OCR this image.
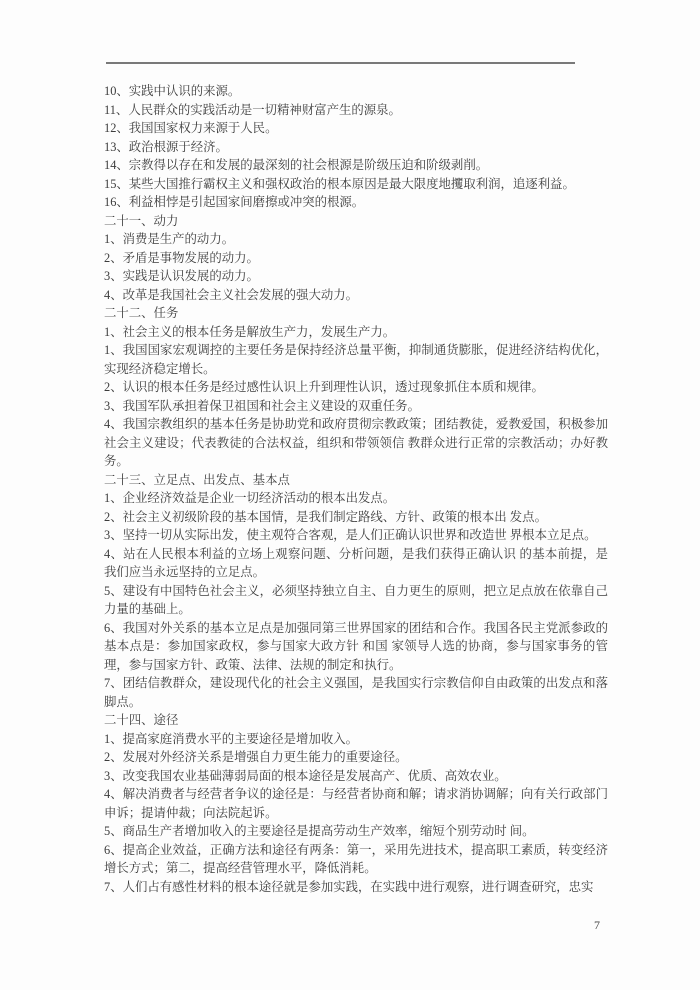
10、实践中认识的来源。

11、人民群众的实践活动是一切精神财富产生的源泉。

12、我国国家权力来源于人民。

13、政治根源于经济。

14、宗教得以存在和发展的最深刻的社会根源是阶级压迫和阶级剥削。

15、某些大国推行霸权主义和强权政治的根本原因是最大限度地攫取利润，追逐利益。

16、利益相悖是引起国家间磨擦或冲突的根源。

二十一、动力

1、消费是生产的动力。

2、矛盾是事物发展的动力。

3、实践是认识发展的动力。

4、改革是我国社会主义社会发展的强大动力。

二十二、任务

1、社会主义的根本任务是解放生产力，发展生产力。

1、我国国家宏观调控的主要任务是保持经济总量平衡，抑制通货膨胀，促进经济结构优化，实现经济稳定增长。

2、认识的根本任务是经过感性认识上升到理性认识，透过现象抓住本质和规律。

3、我国军队承担着保卫祖国和社会主义建设的双重任务。

4、我国宗教组织的基本任务是协助党和政府贯彻宗教政策；团结教徒，爱教爱国，积极参加社会主义建设；代表教徒的合法权益，组织和带领领信 教群众进行正常的宗教活动；办好教务。

二十三、立足点、出发点、基本点

1、企业经济效益是企业一切经济活动的根本出发点。

2、社会主义初级阶段的基本国情，是我们制定路线、方针、政策的根本出 发点。

3、坚持一切从实际出发，使主观符合客观，是人们正确认识世界和改造世 界根本立足点。

4、站在人民根本利益的立场上观察问题、分析问题，是我们获得正确认识 的基本前提，是我们应当永远坚持的立足点。

5、建设有中国特色社会主义，必须坚持独立自主、自力更生的原则，把立足点放在依靠自己力量的基础上。

6、我国对外关系的基本立足点是加强同第三世界国家的团结和合作。我国各民主党派参政的基本点是：参加国家政权，参与国家大政方针 和国 家领导人选的协商，参与国家事务的管理，参与国家方针、政策、法律、法规的制定和执行。

7、团结信教群众，建设现代化的社会主义强国，是我国实行宗教信仰自由政策的出发点和落脚点。

二十四、途径

1、提高家庭消费水平的主要途径是增加收入。

2、发展对外经济关系是增强自力更生能力的重要途径。

3、改变我国农业基础薄弱局面的根本途径是发展高产、优质、高效农业。

4、解决消费者与经营者争议的途径是：与经营者协商和解；请求消协调解；向有关行政部门申诉；提请仲裁；向法院起诉。

5、商品生产者增加收入的主要途径是提高劳动生产效率，缩短个别劳动时 间。

6、提高企业效益，正确方法和途径有两条：第一，采用先进技术，提高职工素质，转变经济增长方式；第二，提高经营管理水平，降低消耗。

7、人们占有感性材料的根本途径就是参加实践，在实践中进行观察，进行调查研究，忠实

7
